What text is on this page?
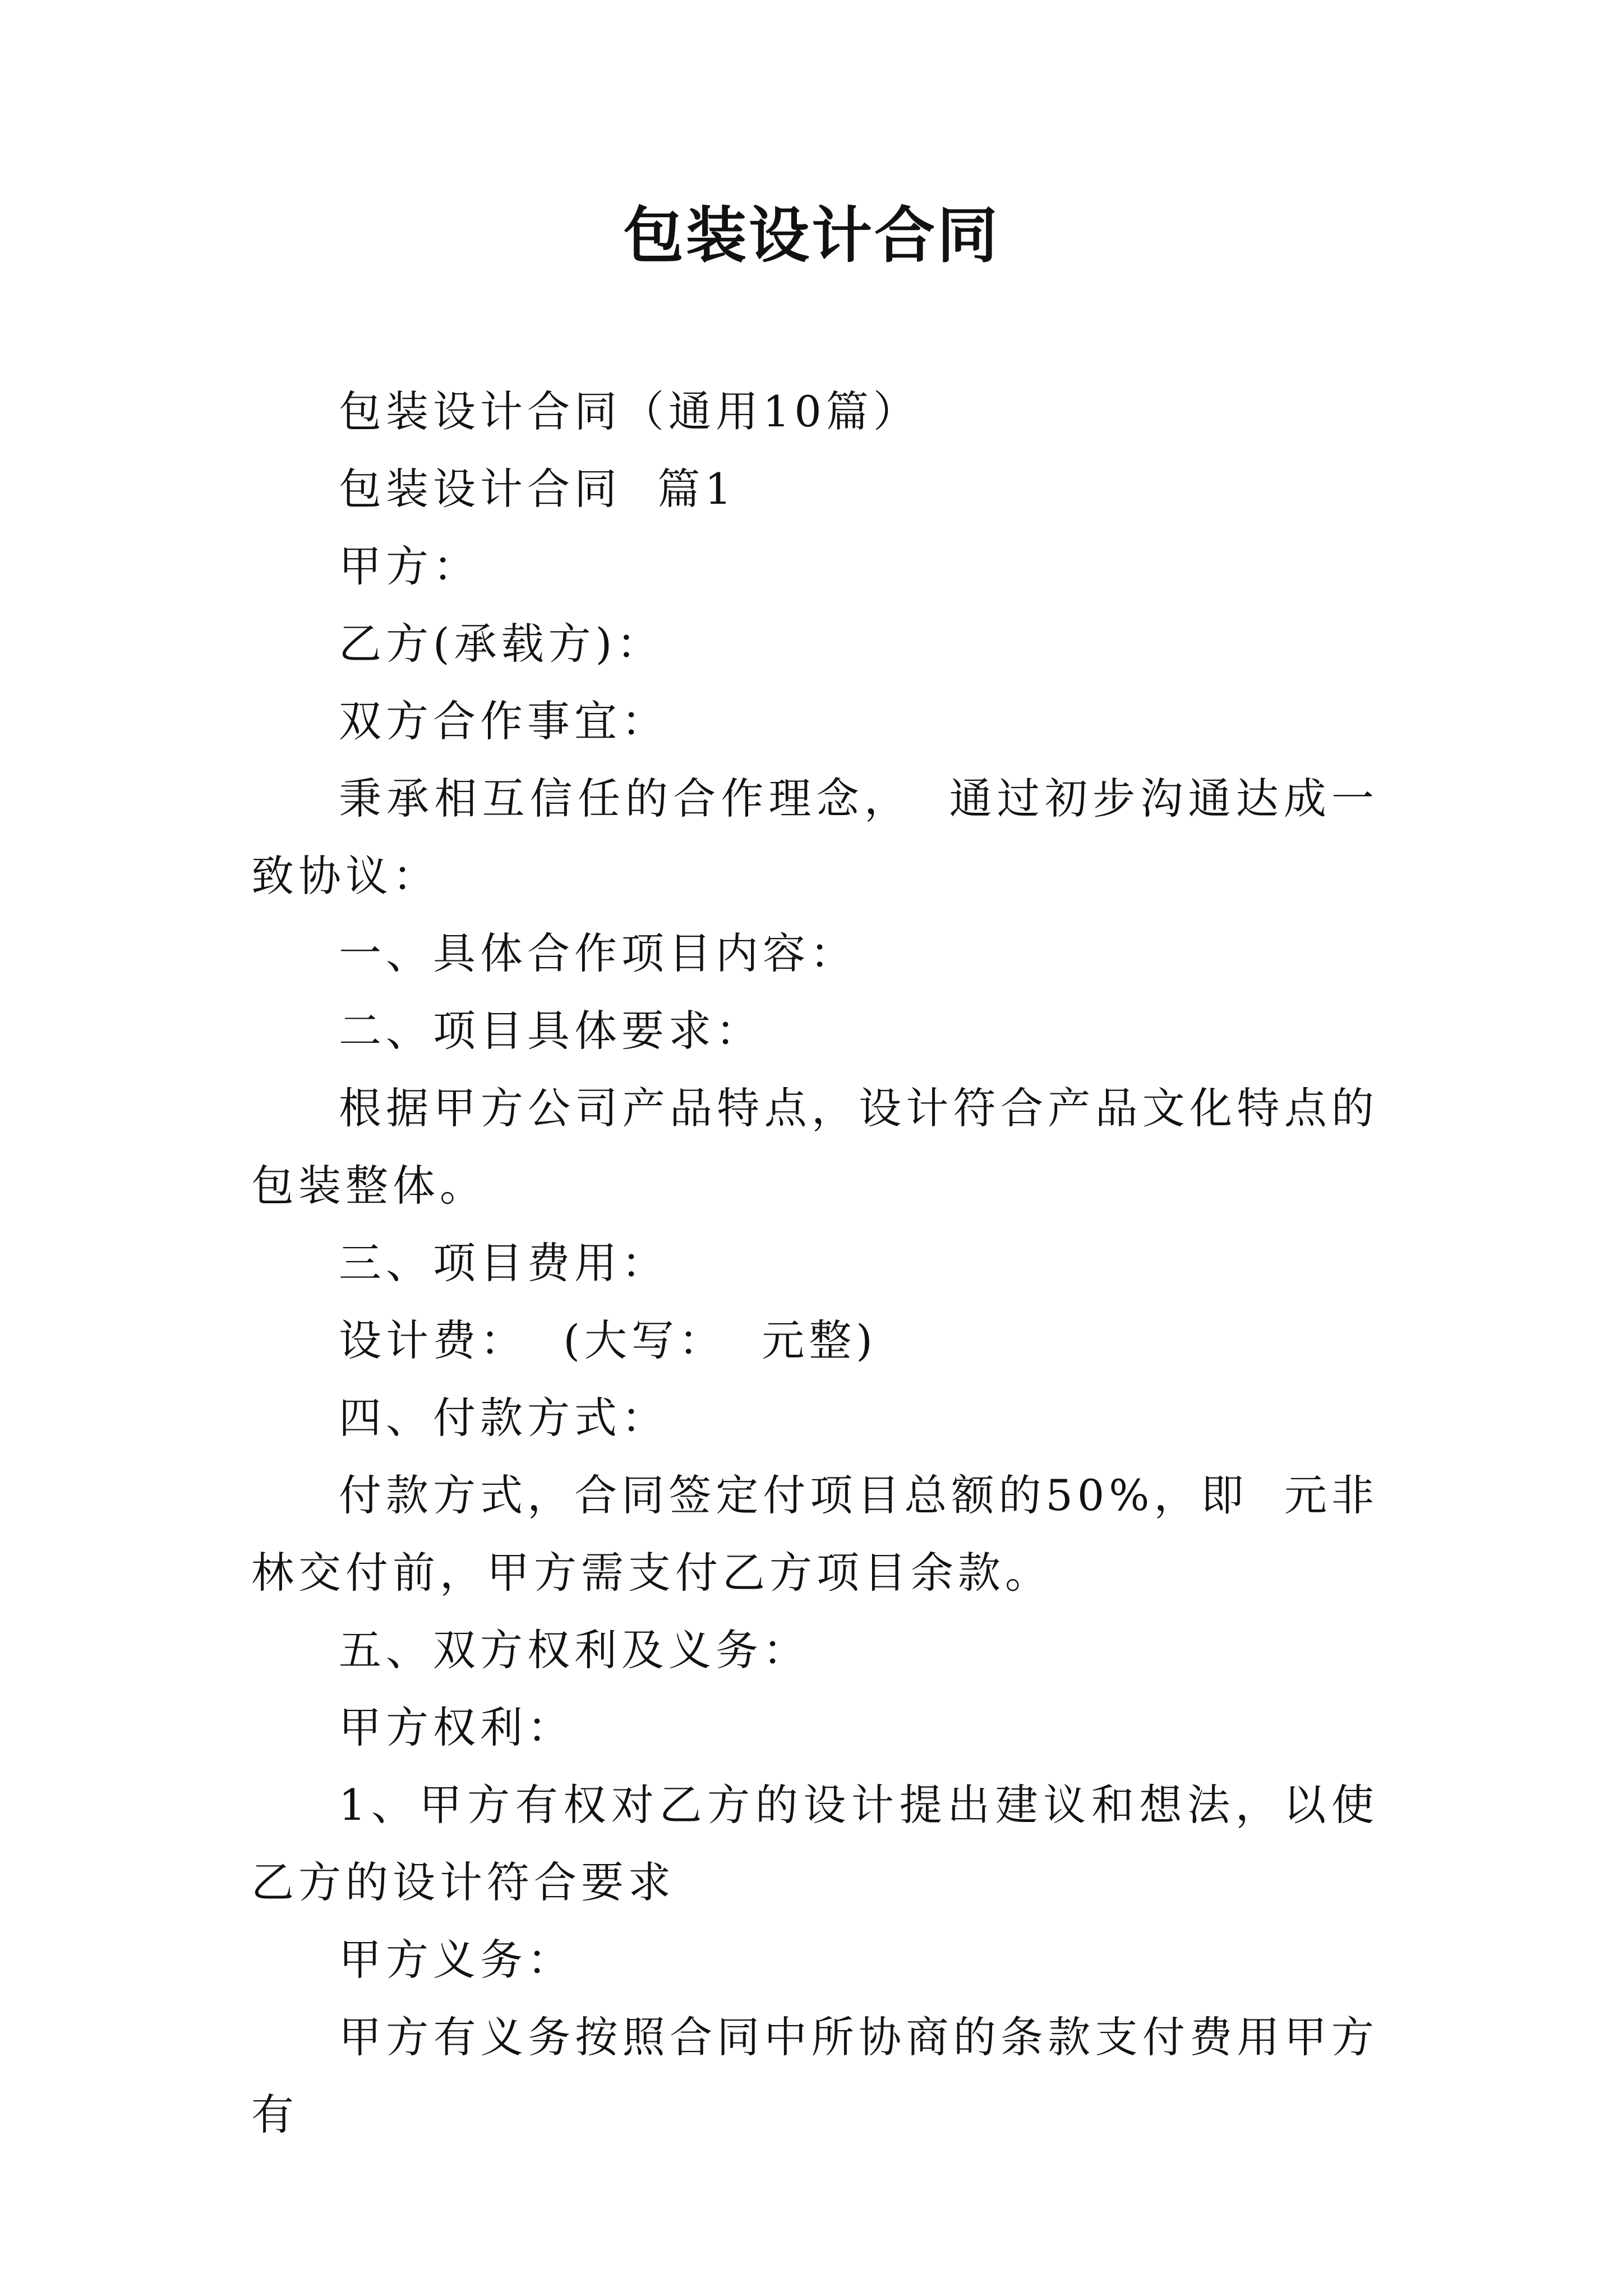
包装设计合同

包装设计合同（通用10篇）

包装设计合同  篇1

甲方：

乙方(承载方)：

双方合作事宜：

秉承相互信任的合作理念，  通过初步沟通达成一致协议：

一、具体合作项目内容：

二、项目具体要求：

根据甲方公司产品特点，设计符合产品文化特点的包装整体。

三、项目费用：

设计费：  (大写：  元整)

四、付款方式：

付款方式，合同签定付项目总额的50%，即  元非林交付前，甲方需支付乙方项目余款。

五、双方权利及义务：

甲方权利：

1、甲方有权对乙方的设计提出建议和想法，以使乙方的设计符合要求

甲方义务：

甲方有义务按照合同中所协商的条款支付费用甲方有
